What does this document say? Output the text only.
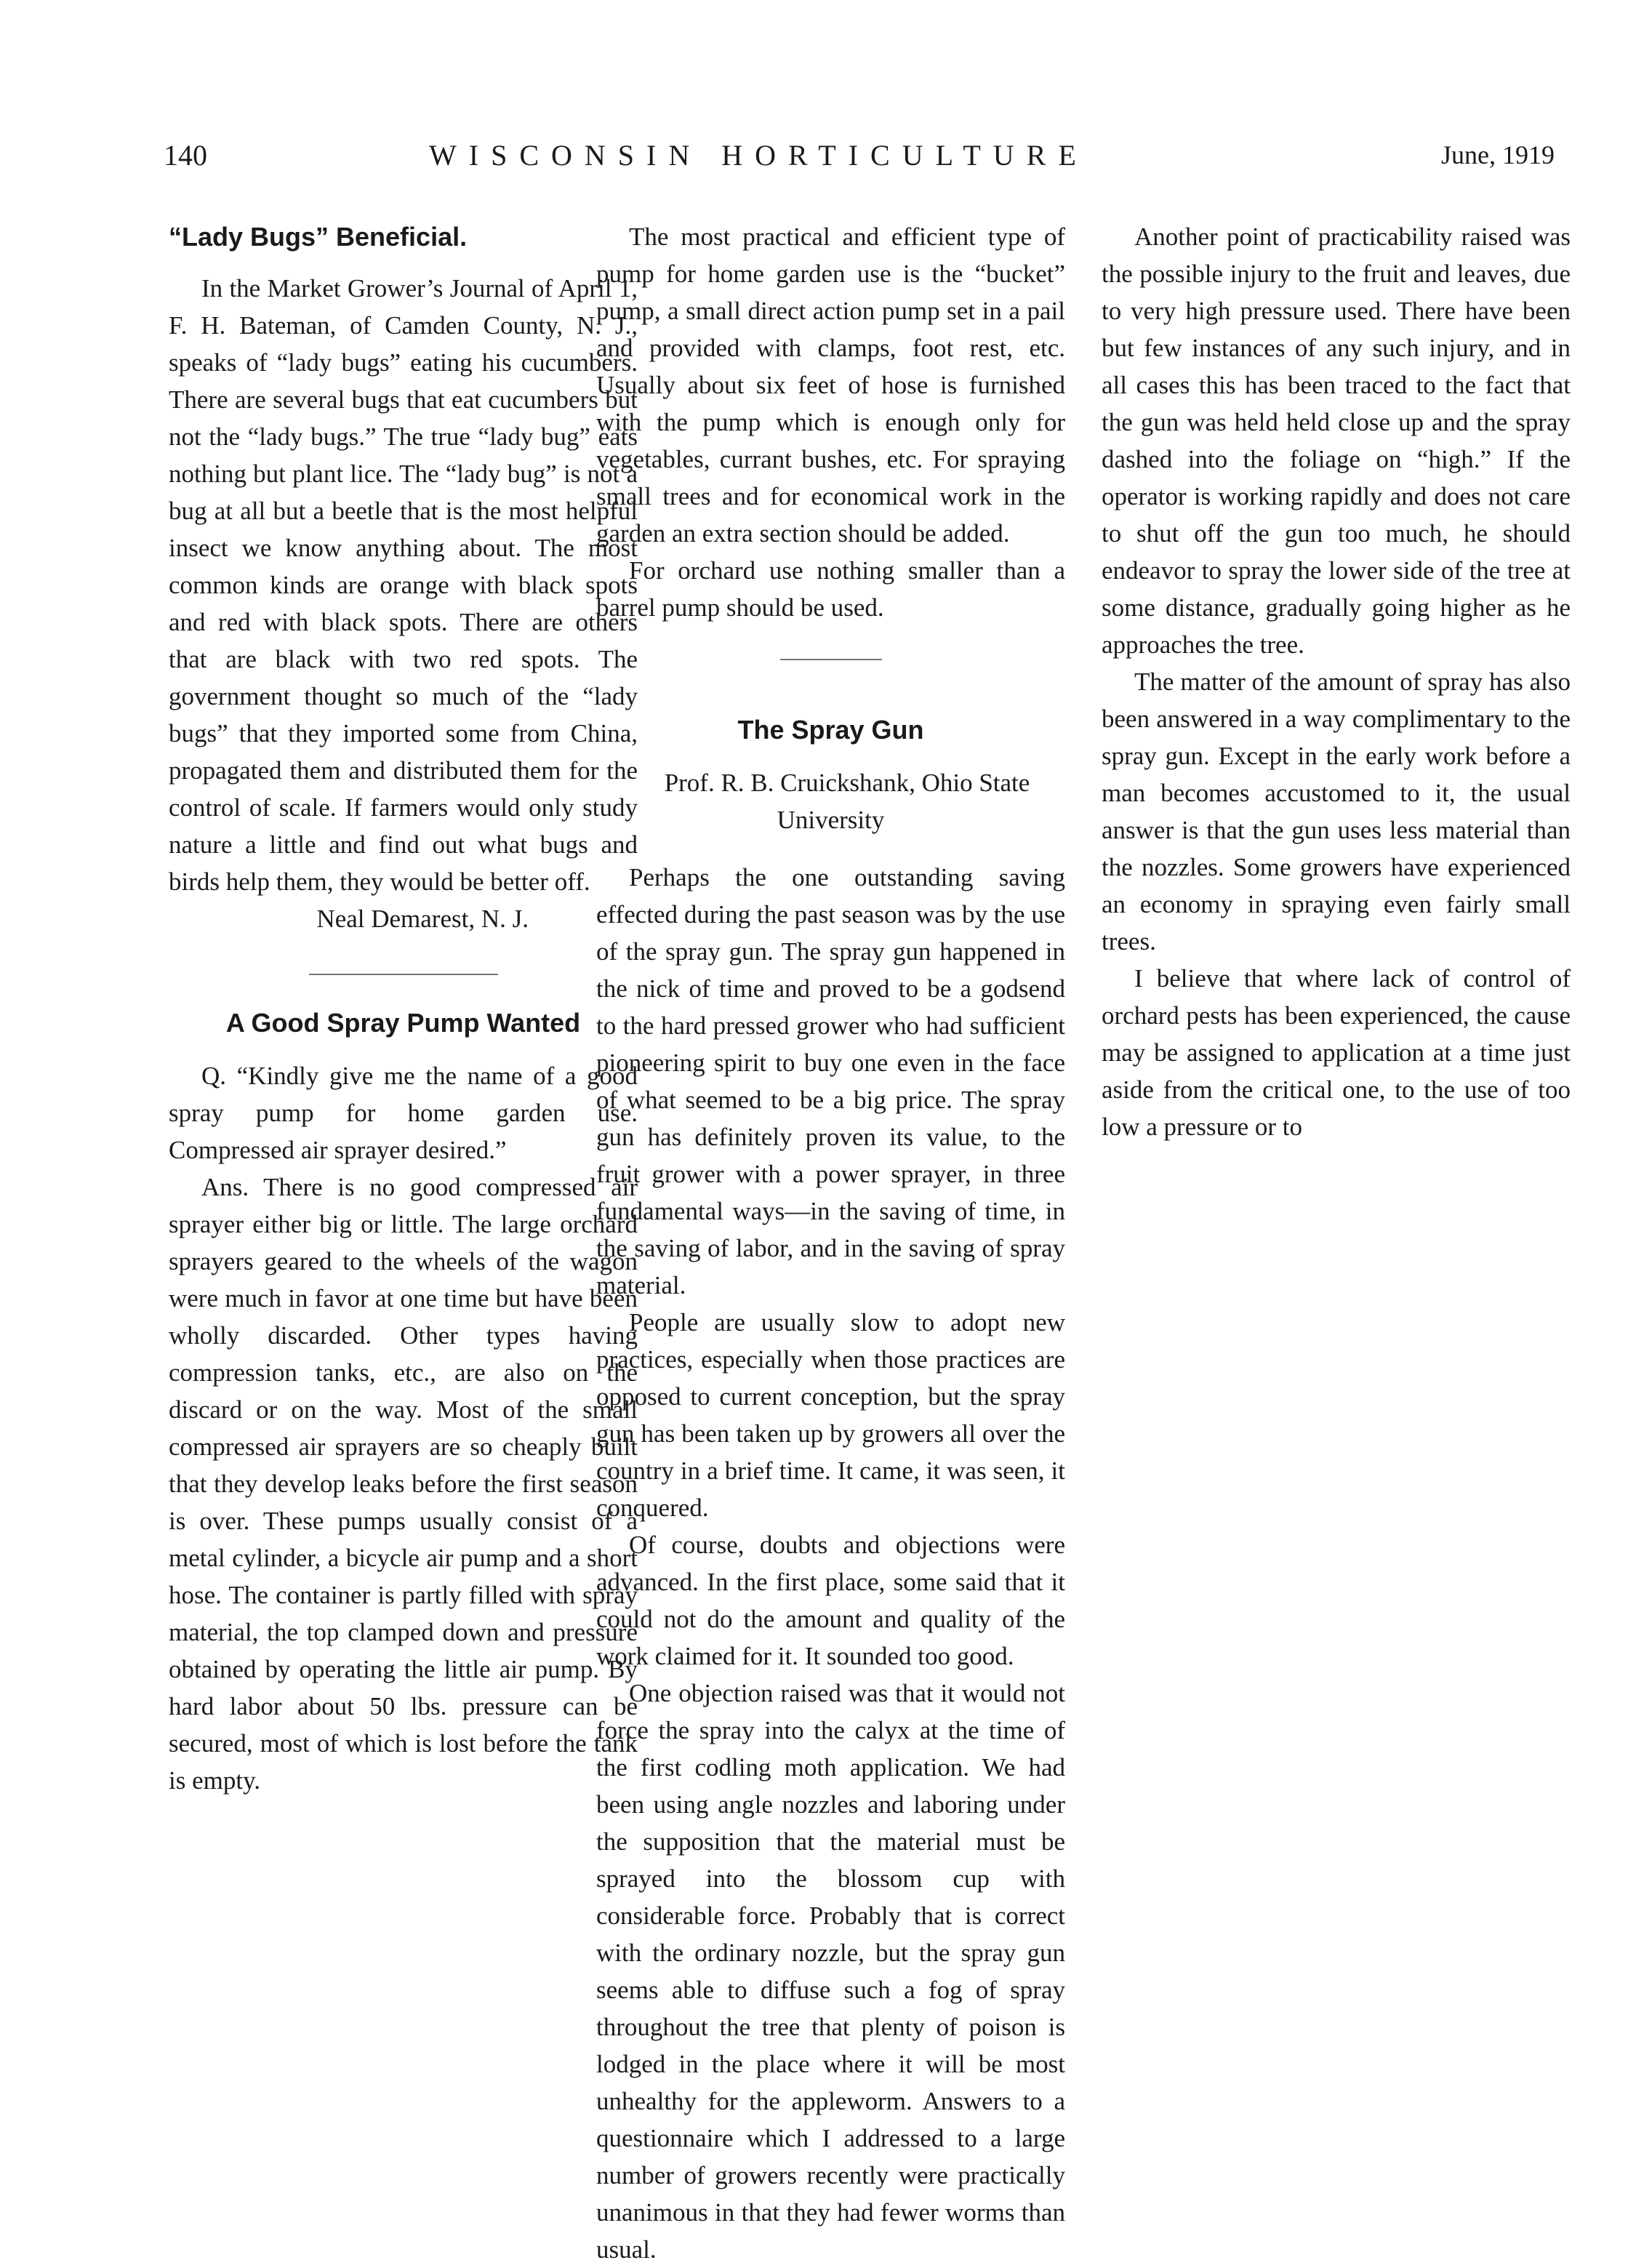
140	WISCONSIN HORTICULTURE	June, 1919
“Lady Bugs” Beneficial.

In the Market Grower’s Journal of April 1, F. H. Bateman, of Camden County, N. J., speaks of “lady bugs” eating his cucumbers. There are several bugs that eat cucumbers but not the “lady bugs.” The true “lady bug” eats nothing but plant lice. The “lady bug” is not a bug at all but a beetle that is the most helpful insect we know anything about. The most common kinds are orange with black spots and red with black spots. There are others that are black with two red spots. The government thought so much of the “lady bugs” that they imported some from China, propagated them and distributed them for the control of scale. If farmers would only study nature a little and find out what bugs and birds help them, they would be better off.

Neal Demarest, N. J.

A Good Spray Pump Wanted

Q. “Kindly give me the name of a good spray pump for home garden use. Compressed air sprayer desired.”

Ans. There is no good compressed air sprayer either big or little. The large orchard sprayers geared to the wheels of the wagon were much in favor at one time but have been wholly discarded. Other types having compression tanks, etc., are also on the discard or on the way. Most of the small compressed air sprayers are so cheaply built that they develop leaks before the first season is over. These pumps usually consist of a metal cylinder, a bicycle air pump and a short hose. The container is partly filled with spray material, the top clamped down and pressure obtained by operating the little air pump. By hard labor about 50 lbs. pressure can be secured, most of which is lost before the tank is empty.

The most practical and efficient type of pump for home garden use is the “bucket” pump, a small direct action pump set in a pail and provided with clamps, foot rest, etc. Usually about six feet of hose is furnished with the pump which is enough only for vegetables, currant bushes, etc. For spraying small trees and for economical work in the garden an extra section should be added.

For orchard use nothing smaller than a barrel pump should be used.

The Spray Gun

Prof. R. B. Cruickshank, Ohio State University

Perhaps the one outstanding saving effected during the past season was by the use of the spray gun. The spray gun happened in the nick of time and proved to be a godsend to the hard pressed grower who had sufficient pioneering spirit to buy one even in the face of what seemed to be a big price. The spray gun has definitely proven its value, to the fruit grower with a power sprayer, in three fundamental ways—in the saving of time, in the saving of labor, and in the saving of spray material.

People are usually slow to adopt new practices, especially when those practices are opposed to current conception, but the spray gun has been taken up by growers all over the country in a brief time. It came, it was seen, it conquered.

Of course, doubts and objections were advanced. In the first place, some said that it could not do the amount and quality of the work claimed for it. It sounded too good.

One objection raised was that it would not force the spray into the calyx at the time of the first codling moth application. We had been using angle nozzles and laboring under the supposition that the material must be sprayed into the blossom cup with considerable force. Probably that is correct with the ordinary nozzle, but the spray gun seems able to diffuse such a fog of spray throughout the tree that plenty of poison is lodged in the place where it will be most unhealthy for the appleworm. Answers to a questionnaire which I addressed to a large number of growers recently were practically unanimous in that they had fewer worms than usual.

Another point of practicability raised was the possible injury to the fruit and leaves, due to very high pressure used. There have been but few instances of any such injury, and in all cases this has been traced to the fact that the gun was held held close up and the spray dashed into the foliage on “high.” If the operator is working rapidly and does not care to shut off the gun too much, he should endeavor to spray the lower side of the tree at some distance, gradually going higher as he approaches the tree.

The matter of the amount of spray has also been answered in a way complimentary to the spray gun. Except in the early work before a man becomes accustomed to it, the usual answer is that the gun uses less material than the nozzles. Some growers have experienced an economy in spraying even fairly small trees.

I believe that where lack of control of orchard pests has been experienced, the cause may be assigned to application at a time just aside from the critical one, to the use of too low a pressure or to
